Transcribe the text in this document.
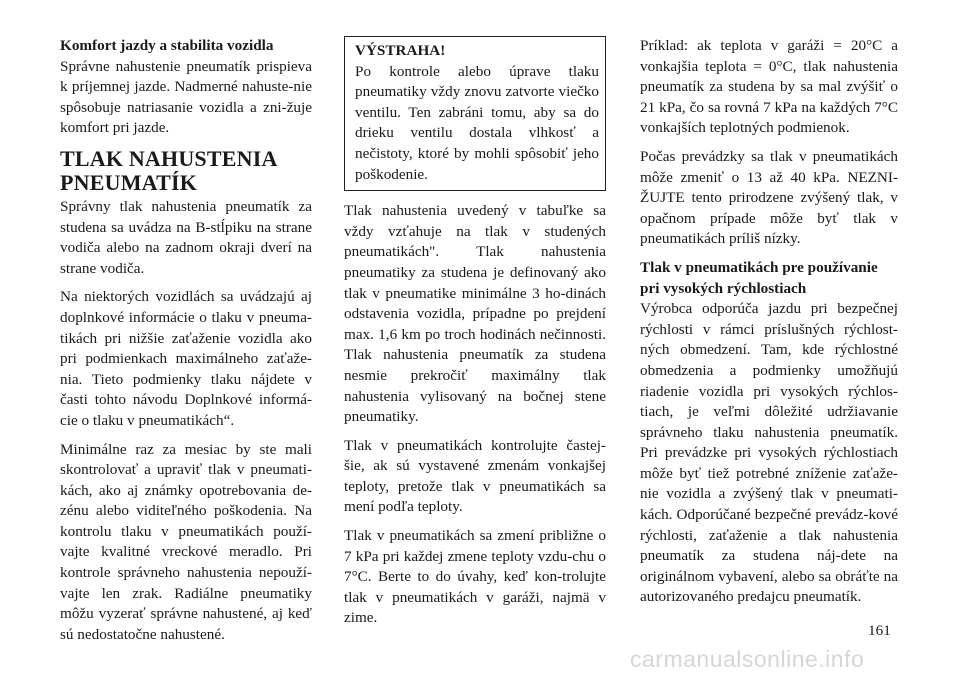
Komfort jazdy a stabilita vozidla

Správne nahustenie pneumatík prispieva k príjemnej jazde. Nadmerné nahuste-nie spôsobuje natriasanie vozidla a zni-žuje komfort pri jazde.

TLAK NAHUSTENIA PNEUMATÍK

Správny tlak nahustenia pneumatík za studena sa uvádza na B-stĺpiku na strane vodiča alebo na zadnom okraji dverí na strane vodiča.

Na niektorých vozidlách sa uvádzajú aj doplnkové informácie o tlaku v pneuma-tikách pri nižšie zaťaženie vozidla ako pri podmienkach maximálneho zaťaže-nia. Tieto podmienky tlaku nájdete v časti tohto návodu Doplnkové informá-cie o tlaku v pneumatikách“.

Minimálne raz za mesiac by ste mali skontrolovať a upraviť tlak v pneumati-kách, ako aj známky opotrebovania de-zénu alebo viditeľného poškodenia. Na kontrolu tlaku v pneumatikách použí-vajte kvalitné vreckové meradlo. Pri kontrole správneho nahustenia nepouží-vajte len zrak. Radiálne pneumatiky môžu vyzerať správne nahustené, aj keď sú nedostatočne nahustené.

VÝSTRAHA!

Po kontrole alebo úprave tlaku pneumatiky vždy znovu zatvorte viečko ventilu. Ten zabráni tomu, aby sa do drieku ventilu dostala vlhkosť a nečistoty, ktoré by mohli spôsobiť jeho poškodenie.

Tlak nahustenia uvedený v tabuľke sa vždy vzťahuje na tlak v studených pneumatikách". Tlak nahustenia pneumatiky za studena je definovaný ako tlak v pneumatike minimálne 3 ho-dinách odstavenia vozidla, prípadne po prejdení max. 1,6 km po troch hodinách nečinnosti. Tlak nahustenia pneumatík za studena nesmie prekročiť maximálny tlak nahustenia vylisovaný na bočnej stene pneumatiky.

Tlak v pneumatikách kontrolujte častej-šie, ak sú vystavené zmenám vonkajšej teploty, pretože tlak v pneumatikách sa mení podľa teploty.

Tlak v pneumatikách sa zmení približne o 7 kPa pri každej zmene teploty vzdu-chu o 7°C. Berte to do úvahy, keď kon-trolujte tlak v pneumatikách v garáži, najmä v zime.

Príklad: ak teplota v garáži = 20°C a vonkajšia teplota = 0°C, tlak nahustenia pneumatík za studena by sa mal zvýšiť o 21 kPa, čo sa rovná 7 kPa na každých 7°C vonkajších teplotných podmienok.

Počas prevádzky sa tlak v pneumatikách môže zmeniť o 13 až 40 kPa. NEZNI-ŽUJTE tento prirodzene zvýšený tlak, v opačnom prípade môže byť tlak v pneumatikách príliš nízky.

Tlak v pneumatikách pre používanie pri vysokých rýchlostiach

Výrobca odporúča jazdu pri bezpečnej rýchlosti v rámci príslušných rýchlost-ných obmedzení. Tam, kde rýchlostné obmedzenia a podmienky umožňujú riadenie vozidla pri vysokých rýchlos-tiach, je veľmi dôležité udržiavanie správneho tlaku nahustenia pneumatík. Pri prevádzke pri vysokých rýchlostiach môže byť tiež potrebné zníženie zaťaže-nie vozidla a zvýšený tlak v pneumati-kách. Odporúčané bezpečné prevádz-kové rýchlosti, zaťaženie a tlak nahustenia pneumatík za studena náj-dete na originálnom vybavení, alebo sa obráťte na autorizovaného predajcu pneumatík.

161
carmanualsonline.info
